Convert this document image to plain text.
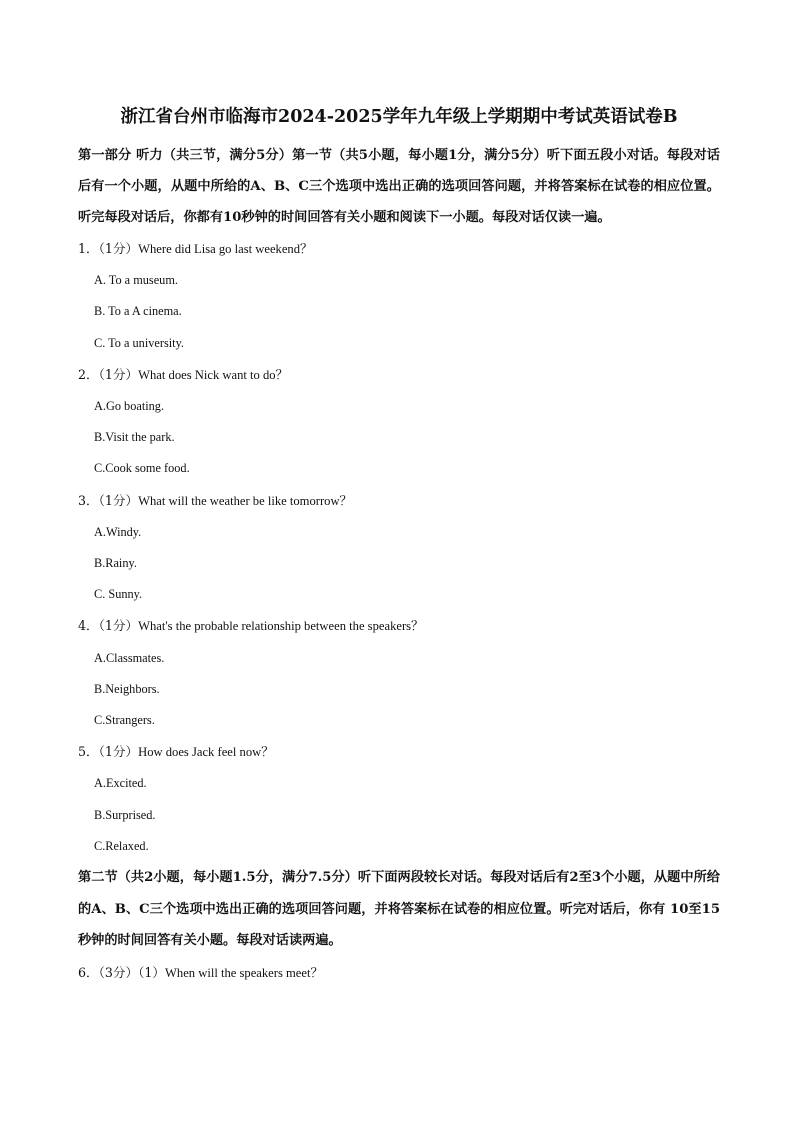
浙江省台州市临海市2024-2025学年九年级上学期期中考试英语试卷B

第一部分 听力（共三节，满分5分）第一节（共5小题，每小题1分，满分5分）听下面五段小对话。每段对话后有一个小题，从题中所给的A、B、C三个选项中选出正确的选项回答问题，并将答案标在试卷的相应位置。听完每段对话后，你都有10秒钟的时间回答有关小题和阅读下一小题。每段对话仅读一遍。

1．（1分）Where did Lisa go last weekend？
A. To a museum.
B. To a A cinema.
C. To a university.
2．（1分）What does Nick want to do？
A.Go boating.
B.Visit the park.
C.Cook some food.
3．（1分）What will the weather be like tomorrow？
A.Windy.
B.Rainy.
C. Sunny.
4．（1分）What's the probable relationship between the speakers？
A.Classmates.
B.Neighbors.
C.Strangers.
5．（1分）How does Jack feel now？
A.Excited.
B.Surprised.
C.Relaxed.

第二节（共2小题，每小题1.5分，满分7.5分）听下面两段较长对话。每段对话后有2至3个小题，从题中所给的A、B、C三个选项中选出正确的选项回答问题，并将答案标在试卷的相应位置。听完对话后，你有 10至15秒钟的时间回答有关小题。每段对话读两遍。

6．（3分）（1）When will the speakers meet？
